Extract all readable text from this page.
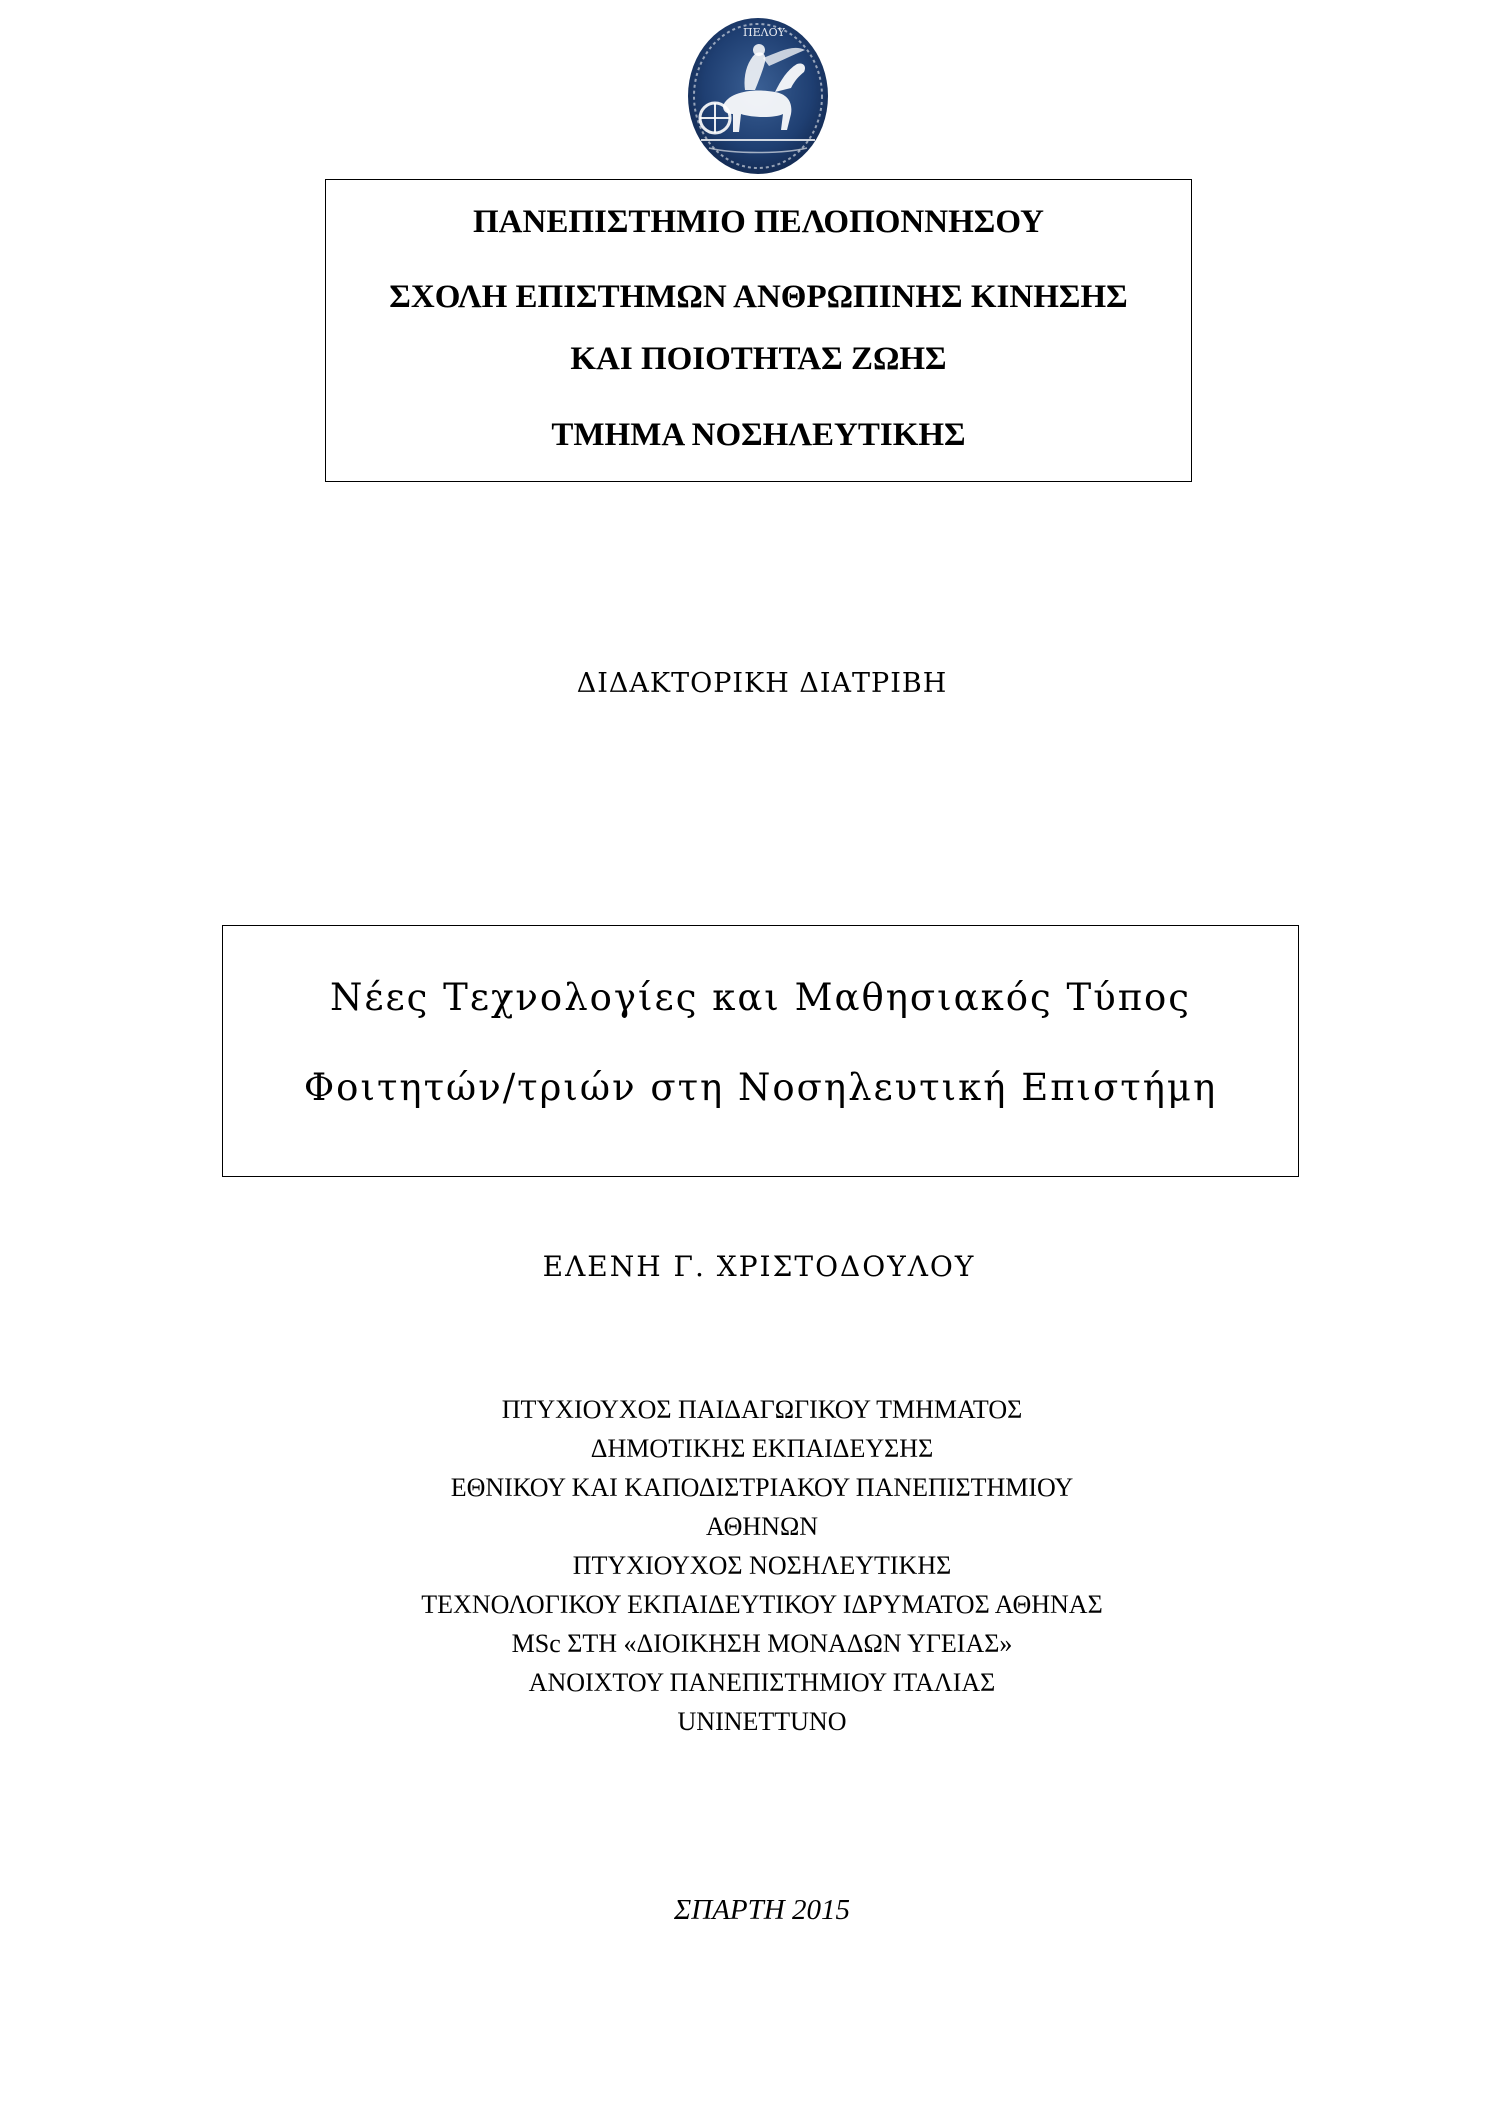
ΠΕΛΟΥ
ΠΑΝΕΠΙΣΤΗΜΙΟ ΠΕΛΟΠΟΝΝΗΣΟΥ
ΣΧΟΛΗ ΕΠΙΣΤΗΜΩΝ ΑΝΘΡΩΠΙΝΗΣ ΚΙΝΗΣΗΣ
ΚΑΙ ΠΟΙΟΤΗΤΑΣ ΖΩΗΣ
ΤΜΗΜΑ ΝΟΣΗΛΕΥΤΙΚΗΣ
ΔΙΔΑΚΤΟΡΙΚΗ ΔΙΑΤΡΙΒΗ
Νέες Τεχνολογίες και Μαθησιακός Τύπος
Φοιτητών/τριών στη Νοσηλευτική Επιστήμη
ΕΛΕΝΗ Γ. ΧΡΙΣΤΟΔΟΥΛΟΥ
ΠΤΥΧΙΟΥΧΟΣ ΠΑΙΔΑΓΩΓΙΚΟΥ ΤΜΗΜΑΤΟΣ
ΔΗΜΟΤΙΚΗΣ ΕΚΠΑΙΔΕΥΣΗΣ
ΕΘΝΙΚΟΥ ΚΑΙ ΚΑΠΟΔΙΣΤΡΙΑΚΟΥ ΠΑΝΕΠΙΣΤΗΜΙΟΥ
ΑΘΗΝΩΝ
ΠΤΥΧΙΟΥΧΟΣ ΝΟΣΗΛΕΥΤΙΚΗΣ
ΤΕΧΝΟΛΟΓΙΚΟΥ ΕΚΠΑΙΔΕΥΤΙΚΟΥ ΙΔΡΥΜΑΤΟΣ ΑΘΗΝΑΣ
MSc ΣΤΗ «ΔΙΟΙΚΗΣΗ ΜΟΝΑΔΩΝ ΥΓΕΙΑΣ»
ΑΝΟΙΧΤΟΥ ΠΑΝΕΠΙΣΤΗΜΙΟΥ ΙΤΑΛΙΑΣ
UNINETTUNO
ΣΠΑΡΤΗ 2015
